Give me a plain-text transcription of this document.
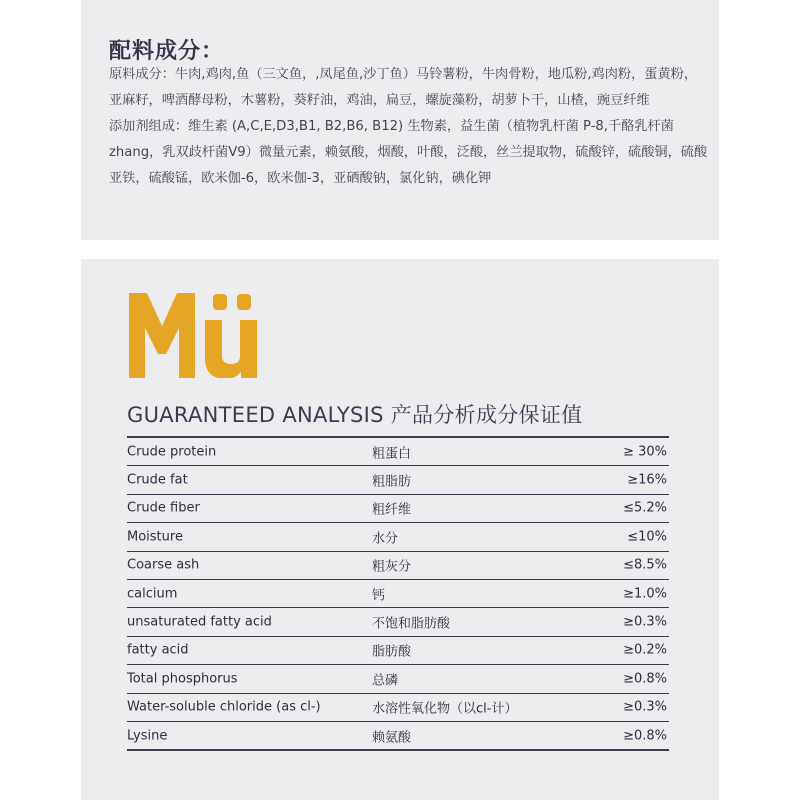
配料成分：

原料成分：牛肉,鸡肉,鱼（三文鱼，,凤尾鱼,沙丁鱼）马铃薯粉，牛肉骨粉，地瓜粉,鸡肉粉，蛋黄粉，亚麻籽，啤酒酵母粉，木薯粉，葵籽油，鸡油，扁豆，螺旋藻粉，胡萝卜干，山楂，豌豆纤维

添加剂组成：维生素 (A,C,E,D3,B1, B2,B6, B12) 生物素，益生菌（植物乳杆菌 P-8,千酪乳杆菌zhang，乳双歧杆菌V9）微量元素，赖氨酸，烟酸，叶酸，泛酸，丝兰提取物，硫酸锌，硫酸铜，硫酸亚铁，硫酸锰，欧米伽-6，欧米伽-3，亚硒酸钠，氯化钠，碘化钾

GUARANTEED ANALYSIS 产品分析成分保证值
Crude protein	粗蛋白	≥ 30%
Crude fat	粗脂肪	≥16%
Crude fiber	粗纤维	≤5.2%
Moisture	水分	≤10%
Coarse ash	粗灰分	≤8.5%
calcium	钙	≥1.0%
unsaturated fatty acid	不饱和脂肪酸	≥0.3%
fatty acid	脂肪酸	≥0.2%
Total phosphorus	总磷	≥0.8%
Water-soluble chloride (as cl-)	水溶性氧化物（以cl-计）	≥0.3%
Lysine	赖氨酸	≥0.8%
